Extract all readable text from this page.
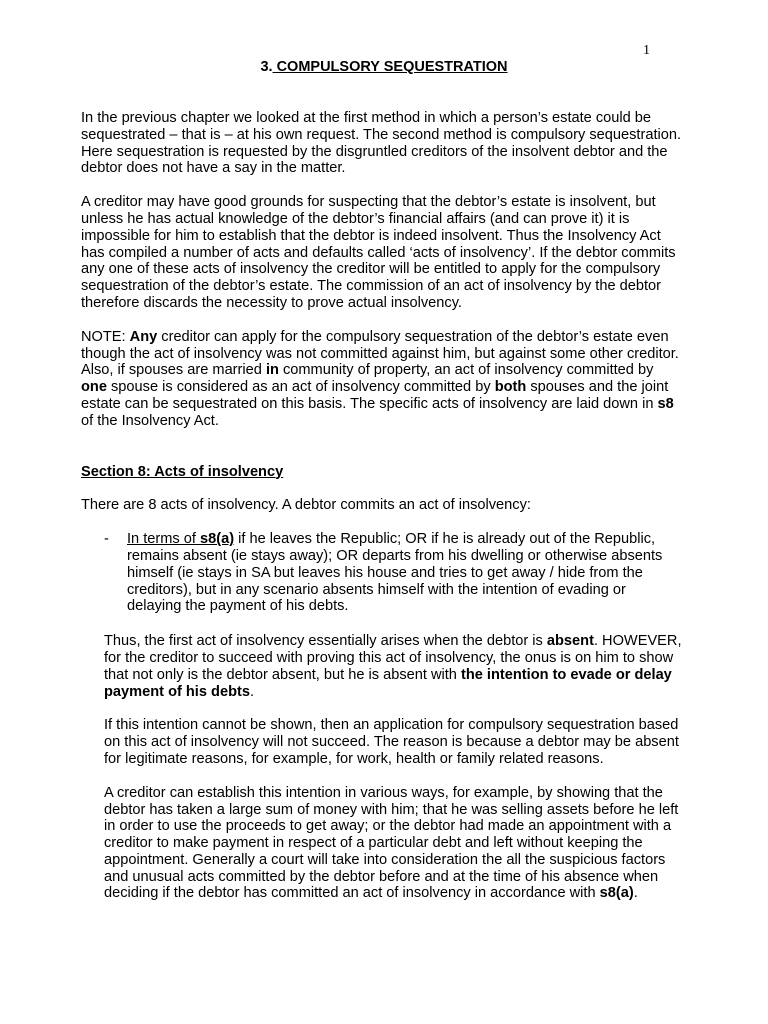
1
3. COMPULSORY SEQUESTRATION

In the previous chapter we looked at the first method in which a person’s estate could be sequestrated – that is – at his own request. The second method is compulsory sequestration. Here sequestration is requested by the disgruntled creditors of the insolvent debtor and the debtor does not have a say in the matter.

A creditor may have good grounds for suspecting that the debtor’s estate is insolvent, but unless he has actual knowledge of the debtor’s financial affairs (and can prove it) it is impossible for him to establish that the debtor is indeed insolvent. Thus the Insolvency Act has compiled a number of acts and defaults called ‘acts of insolvency’. If the debtor commits any one of these acts of insolvency the creditor will be entitled to apply for the compulsory sequestration of the debtor’s estate. The commission of an act of insolvency by the debtor therefore discards the necessity to prove actual insolvency.

NOTE: Any creditor can apply for the compulsory sequestration of the debtor’s estate even though the act of insolvency was not committed against him, but against some other creditor. Also, if spouses are married in community of property, an act of insolvency committed by one spouse is considered as an act of insolvency committed by both spouses and the joint estate can be sequestrated on this basis. The specific acts of insolvency are laid down in s8 of the Insolvency Act.

Section 8: Acts of insolvency

There are 8 acts of insolvency. A debtor commits an act of insolvency:

- In terms of s8(a) if he leaves the Republic; OR if he is already out of the Republic, remains absent (ie stays away); OR departs from his dwelling or otherwise absents himself (ie stays in SA but leaves his house and tries to get away / hide from the creditors), but in any scenario absents himself with the intention of evading or delaying the payment of his debts.

Thus, the first act of insolvency essentially arises when the debtor is absent. HOWEVER, for the creditor to succeed with proving this act of insolvency, the onus is on him to show that not only is the debtor absent, but he is absent with the intention to evade or delay payment of his debts.

If this intention cannot be shown, then an application for compulsory sequestration based on this act of insolvency will not succeed. The reason is because a debtor may be absent for legitimate reasons, for example, for work, health or family related reasons.

A creditor can establish this intention in various ways, for example, by showing that the debtor has taken a large sum of money with him; that he was selling assets before he left in order to use the proceeds to get away; or the debtor had made an appointment with a creditor to make payment in respect of a particular debt and left without keeping the appointment. Generally a court will take into consideration the all the suspicious factors and unusual acts committed by the debtor before and at the time of his absence when deciding if the debtor has committed an act of insolvency in accordance with s8(a).
